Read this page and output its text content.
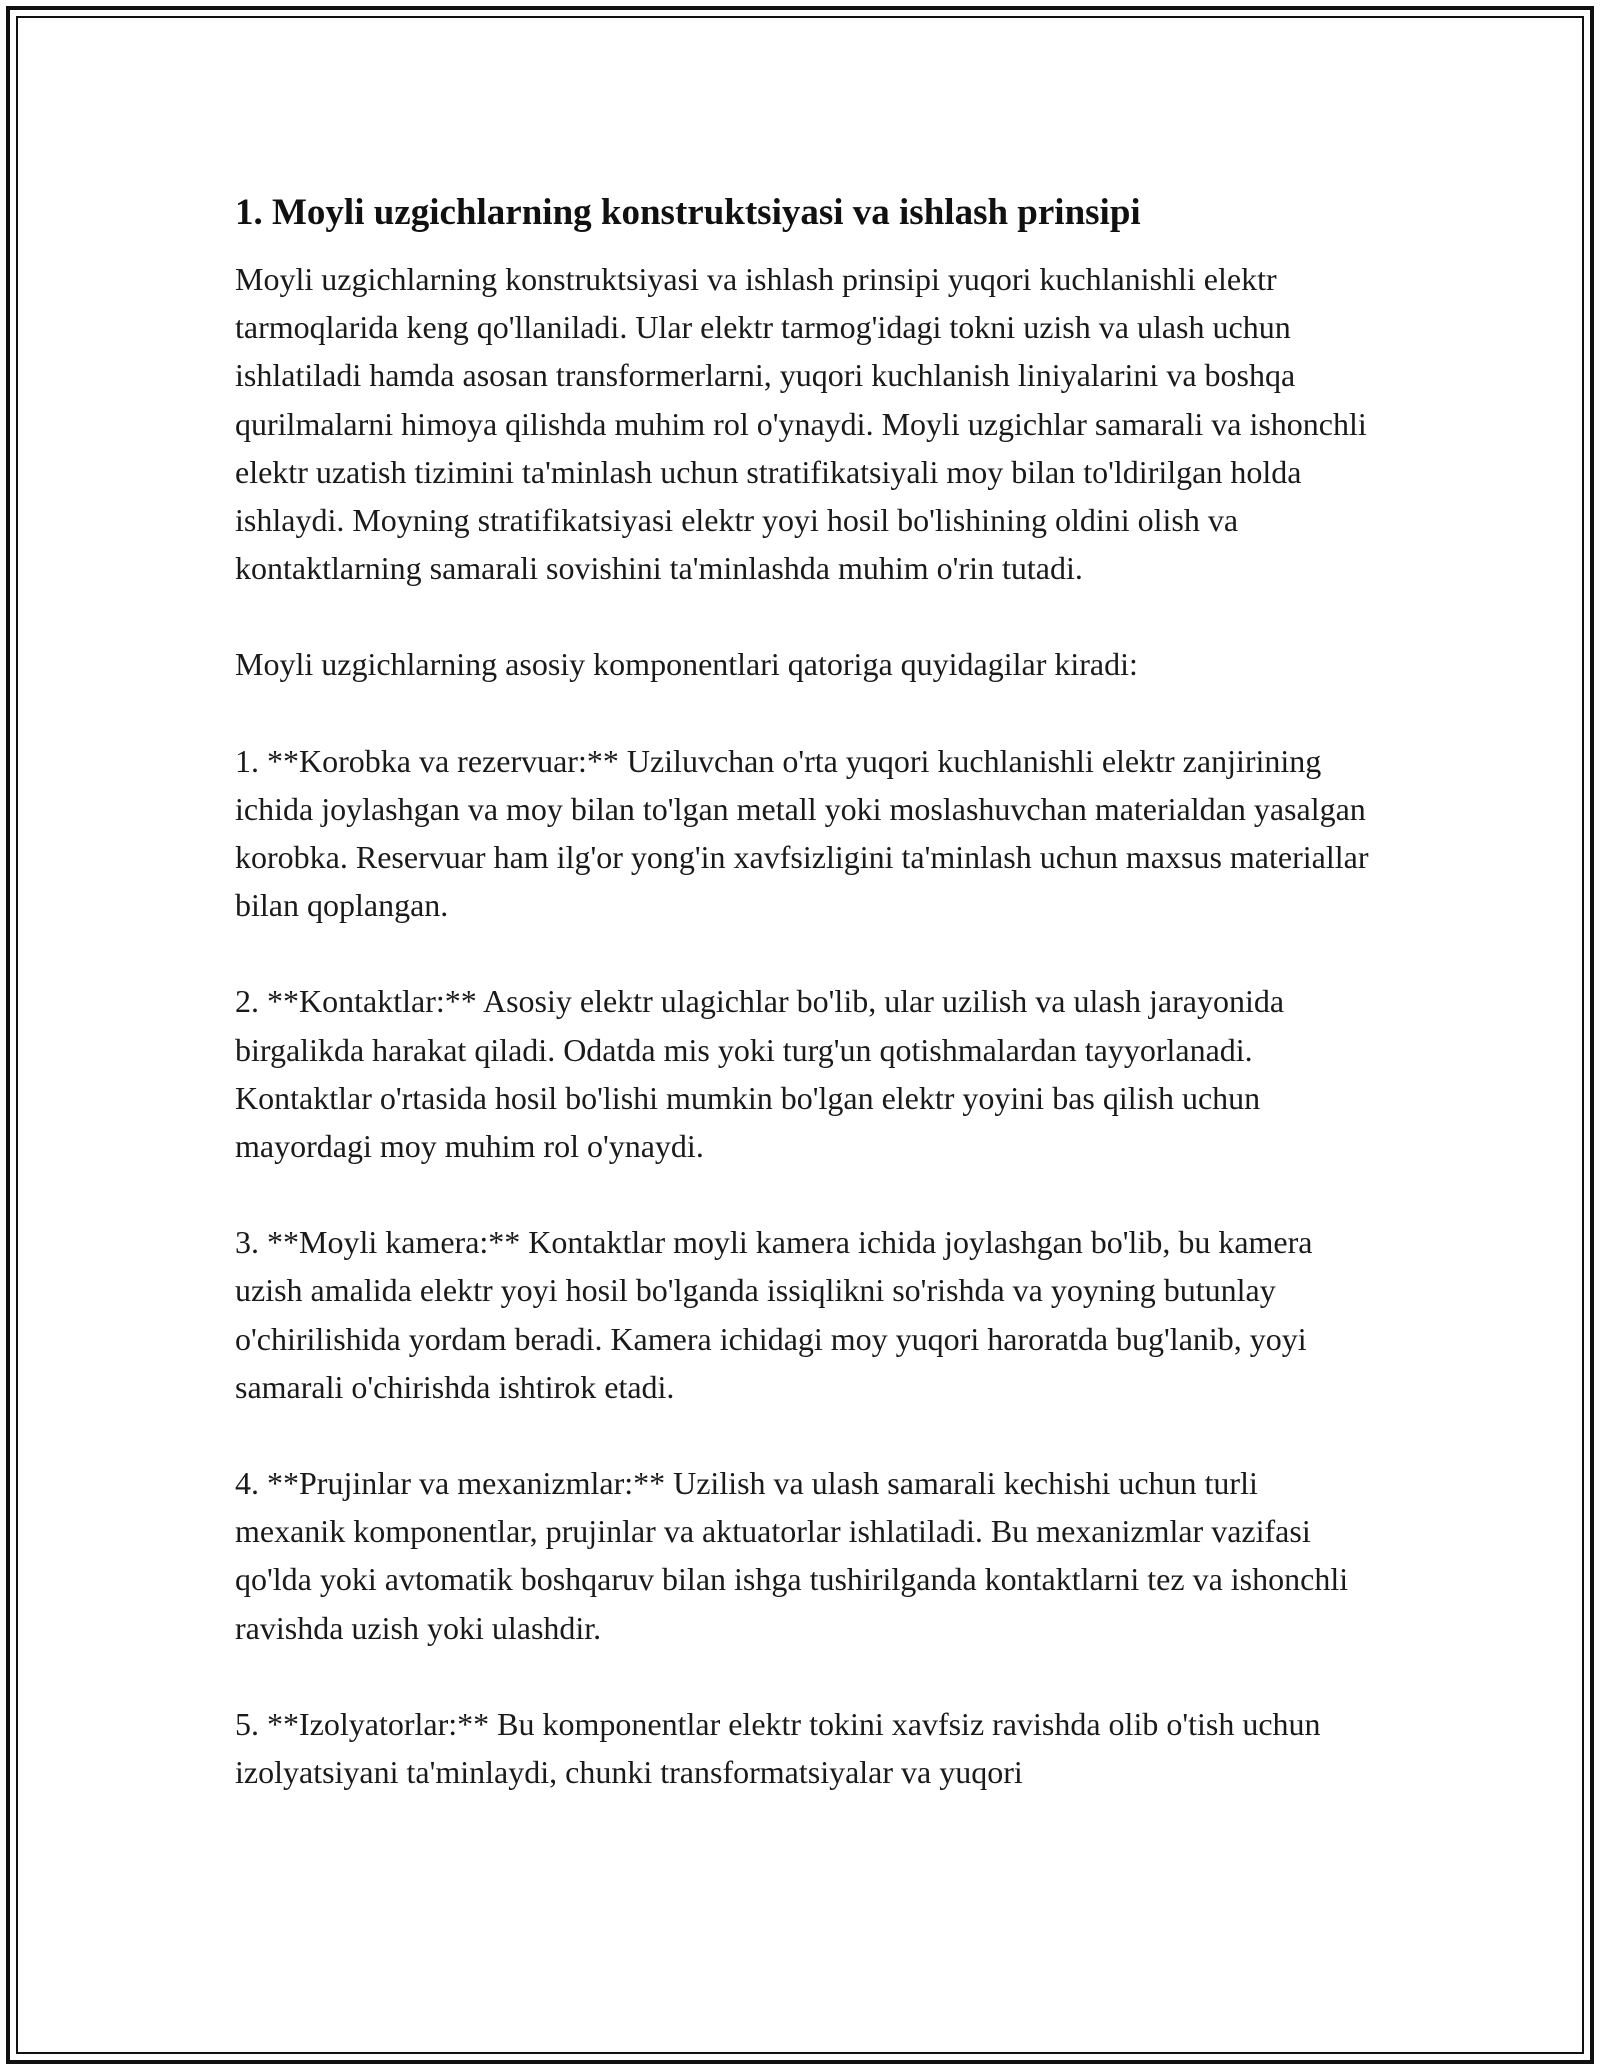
1. Moyli uzgichlarning konstruktsiyasi va ishlash prinsipi

Moyli uzgichlarning konstruktsiyasi va ishlash prinsipi yuqori kuchlanishli elektr tarmoqlarida keng qo'llaniladi. Ular elektr tarmog'idagi tokni uzish va ulash uchun ishlatiladi hamda asosan transformerlarni, yuqori kuchlanish liniyalarini va boshqa qurilmalarni himoya qilishda muhim rol o'ynaydi. Moyli uzgichlar samarali va ishonchli elektr uzatish tizimini ta'minlash uchun stratifikatsiyali moy bilan to'ldirilgan holda ishlaydi. Moyning stratifikatsiyasi elektr yoyi hosil bo'lishining oldini olish va kontaktlarning samarali sovishini ta'minlashda muhim o'rin tutadi.

Moyli uzgichlarning asosiy komponentlari qatoriga quyidagilar kiradi:

1. **Korobka va rezervuar:** Uziluvchan o'rta yuqori kuchlanishli elektr zanjirining ichida joylashgan va moy bilan to'lgan metall yoki moslashuvchan materialdan yasalgan korobka. Reservuar ham ilg'or yong'in xavfsizligini ta'minlash uchun maxsus materiallar bilan qoplangan.

2. **Kontaktlar:** Asosiy elektr ulagichlar bo'lib, ular uzilish va ulash jarayonida birgalikda harakat qiladi. Odatda mis yoki turg'un qotishmalardan tayyorlanadi. Kontaktlar o'rtasida hosil bo'lishi mumkin bo'lgan elektr yoyini bas qilish uchun mayordagi moy muhim rol o'ynaydi.

3. **Moyli kamera:** Kontaktlar moyli kamera ichida joylashgan bo'lib, bu kamera uzish amalida elektr yoyi hosil bo'lganda issiqlikni so'rishda va yoyning butunlay o'chirilishida yordam beradi. Kamera ichidagi moy yuqori haroratda bug'lanib, yoyi samarali o'chirishda ishtirok etadi.

4. **Prujinlar va mexanizmlar:** Uzilish va ulash samarali kechishi uchun turli mexanik komponentlar, prujinlar va aktuatorlar ishlatiladi. Bu mexanizmlar vazifasi qo'lda yoki avtomatik boshqaruv bilan ishga tushirilganda kontaktlarni tez va ishonchli ravishda uzish yoki ulashdir.

5. **Izolyatorlar:** Bu komponentlar elektr tokini xavfsiz ravishda olib o'tish uchun izolyatsiyani ta'minlaydi, chunki transformatsiyalar va yuqori
